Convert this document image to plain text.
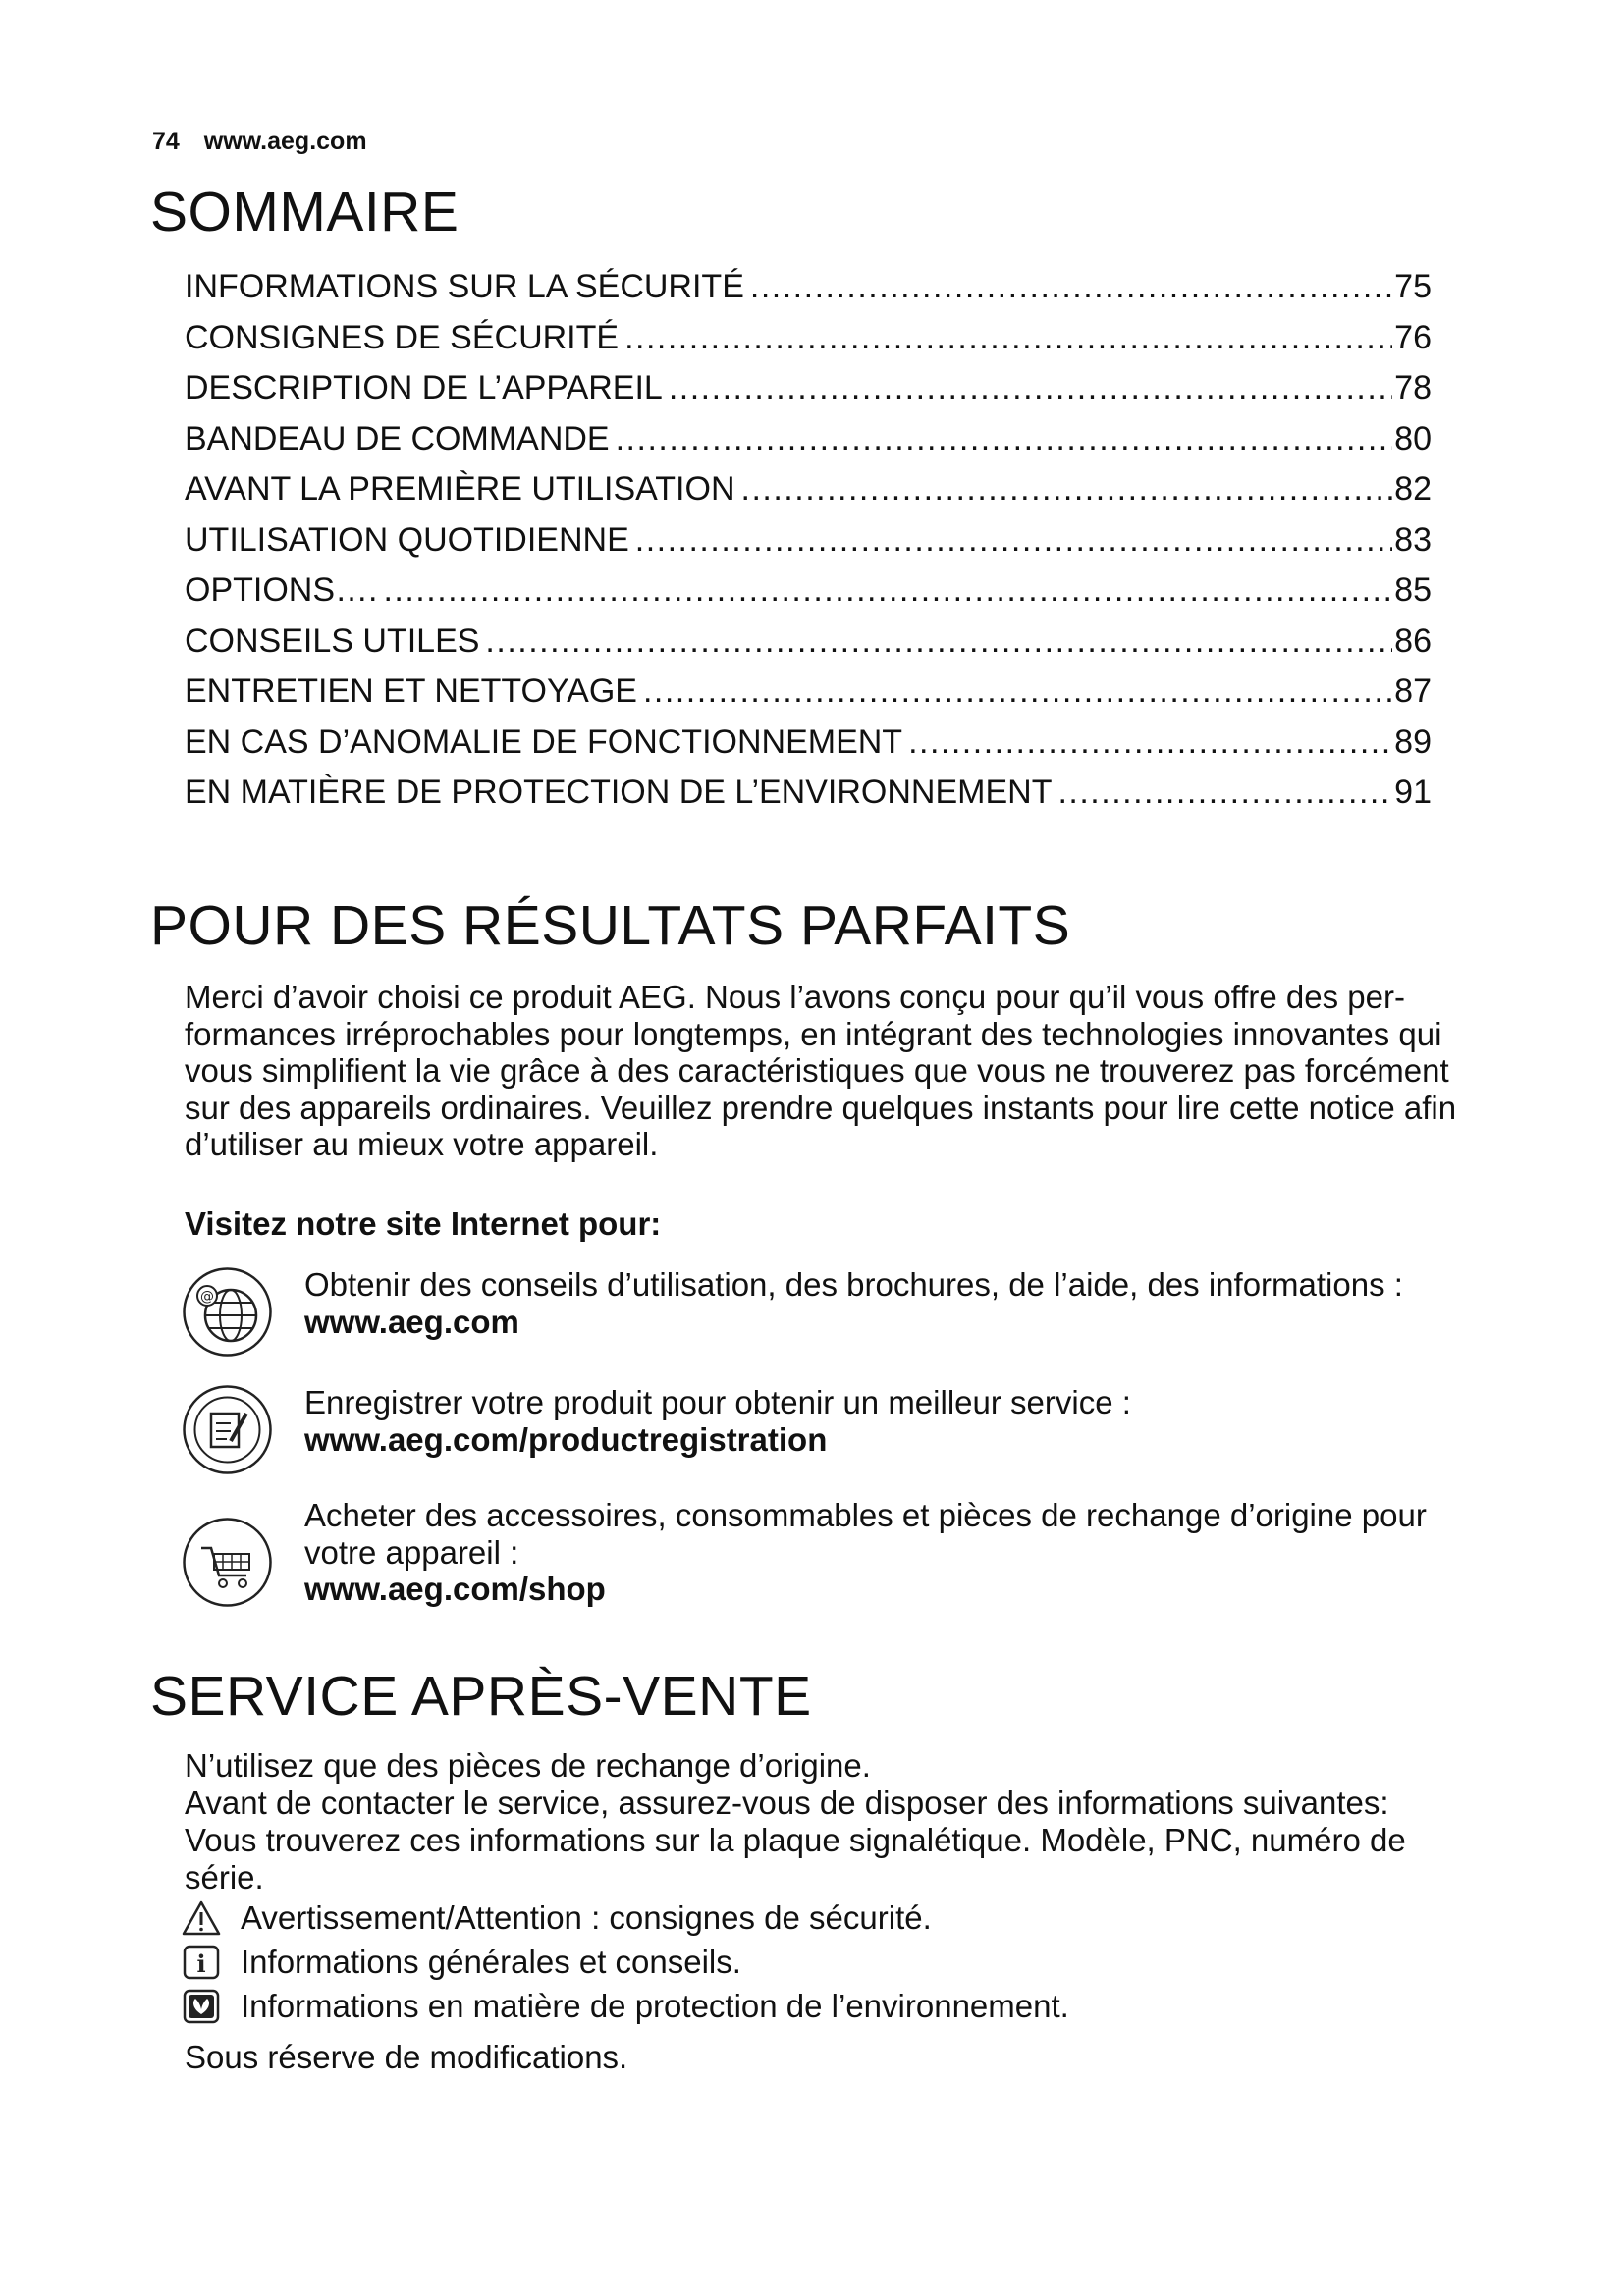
74 www.aeg.com
SOMMAIRE
INFORMATIONS SUR LA SÉCURITÉ .....	75
CONSIGNES DE SÉCURITÉ .....	76
DESCRIPTION DE L’APPAREIL .....	78
BANDEAU DE COMMANDE .....	80
AVANT LA PREMIÈRE UTILISATION .....	82
UTILISATION QUOTIDIENNE .....	83
OPTIONS…. .....	85
CONSEILS UTILES .....	86
ENTRETIEN ET NETTOYAGE .....	87
EN CAS D’ANOMALIE DE FONCTIONNEMENT .....	89
EN MATIÈRE DE PROTECTION DE L’ENVIRONNEMENT .....	91
POUR DES RÉSULTATS PARFAITS
Merci d’avoir choisi ce produit AEG. Nous l’avons conçu pour qu’il vous offre des per-formances irréprochables pour longtemps, en intégrant des technologies innovantes qui vous simplifient la vie grâce à des caractéristiques que vous ne trouverez pas forcément sur des appareils ordinaires. Veuillez prendre quelques instants pour lire cette notice afin d’utiliser au mieux votre appareil.
Visitez notre site Internet pour:
@	Obtenir des conseils d’utilisation, des brochures, de l’aide, des informations :
www.aeg.com
Enregistrer votre produit pour obtenir un meilleur service :
www.aeg.com/productregistration
Acheter des accessoires, consommables et pièces de rechange d’origine pour votre appareil :
www.aeg.com/shop
SERVICE APRÈS-VENTE
N’utilisez que des pièces de rechange d’origine.
Avant de contacter le service, assurez-vous de disposer des informations suivantes:
Vous trouverez ces informations sur la plaque signalétique. Modèle, PNC, numéro de série.
Avertissement/Attention : consignes de sécurité.
i Informations générales et conseils.
Informations en matière de protection de l’environnement.
Sous réserve de modifications.
